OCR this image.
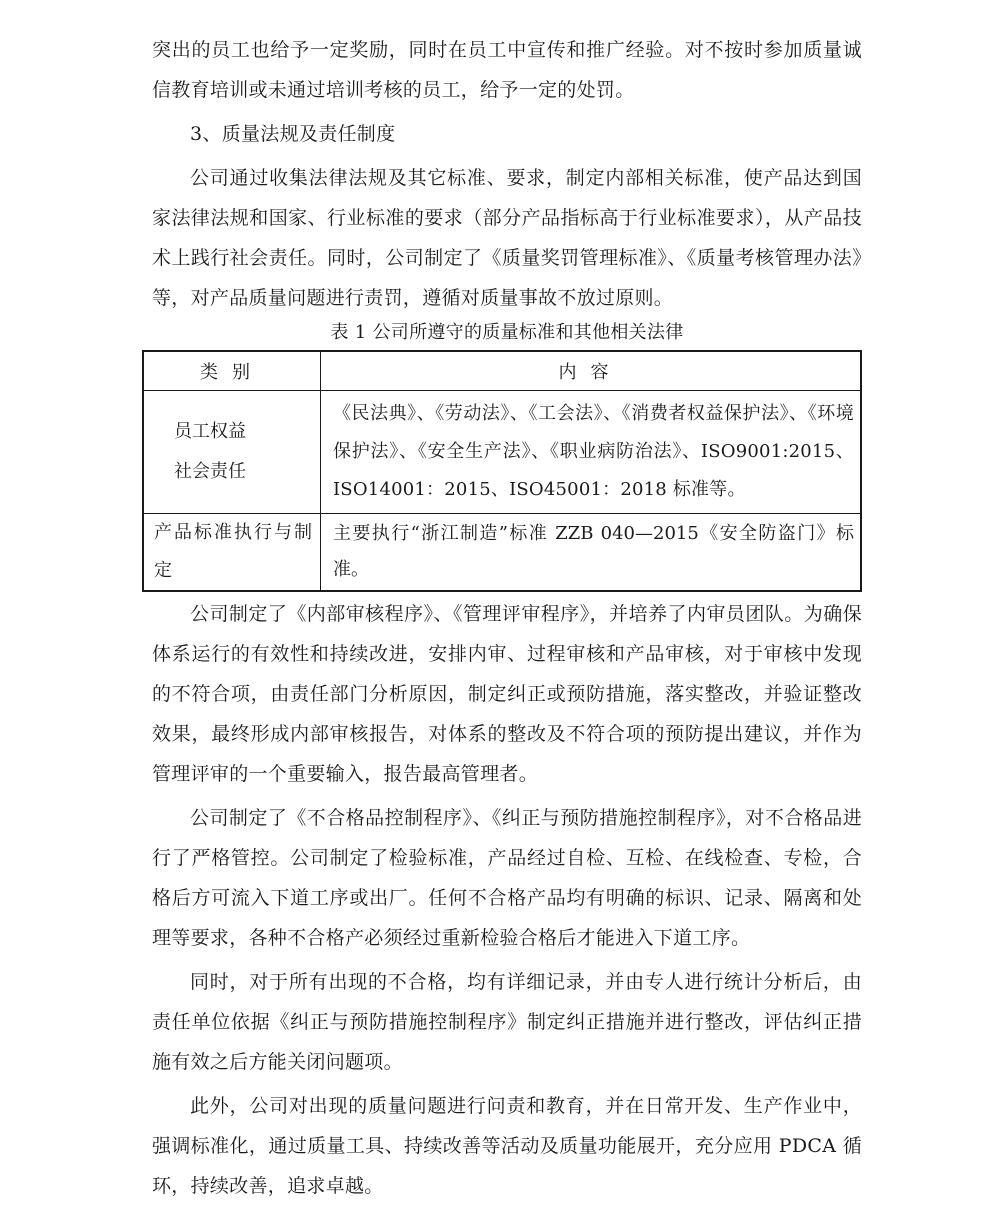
突出的员工也给予一定奖励，同时在员工中宣传和推广经验。对不按时参加质量诚信教育培训或未通过培训考核的员工，给予一定的处罚。

3、质量法规及责任制度

公司通过收集法律法规及其它标准、要求，制定内部相关标准，使产品达到国家法律法规和国家、行业标准的要求（部分产品指标高于行业标准要求），从产品技术上践行社会责任。同时，公司制定了《质量奖罚管理标准》、《质量考核管理办法》等，对产品质量问题进行责罚，遵循对质量事故不放过原则。

表 1 公司所遵守的质量标准和其他相关法律

类别	内容

员工权益
社会责任	《民法典》、《劳动法》、《工会法》、《消费者权益保护法》、《环境保护法》、《安全生产法》、《职业病防治法》、ISO9001:2015、ISO14001：2015、ISO45001：2018 标准等。
产品标准执行与制定	主要执行“浙江制造”标准 ZZB 040—2015《安全防盗门》标准。

公司制定了《内部审核程序》、《管理评审程序》，并培养了内审员团队。为确保体系运行的有效性和持续改进，安排内审、过程审核和产品审核，对于审核中发现的不符合项，由责任部门分析原因，制定纠正或预防措施，落实整改，并验证整改效果，最终形成内部审核报告，对体系的整改及不符合项的预防提出建议，并作为管理评审的一个重要输入，报告最高管理者。

公司制定了《不合格品控制程序》、《纠正与预防措施控制程序》，对不合格品进行了严格管控。公司制定了检验标准，产品经过自检、互检、在线检查、专检，合格后方可流入下道工序或出厂。任何不合格产品均有明确的标识、记录、隔离和处理等要求，各种不合格产必须经过重新检验合格后才能进入下道工序。

同时，对于所有出现的不合格，均有详细记录，并由专人进行统计分析后，由责任单位依据《纠正与预防措施控制程序》制定纠正措施并进行整改，评估纠正措施有效之后方能关闭问题项。

此外，公司对出现的质量问题进行问责和教育，并在日常开发、生产作业中，强调标准化，通过质量工具、持续改善等活动及质量功能展开，充分应用 PDCA 循环，持续改善，追求卓越。
